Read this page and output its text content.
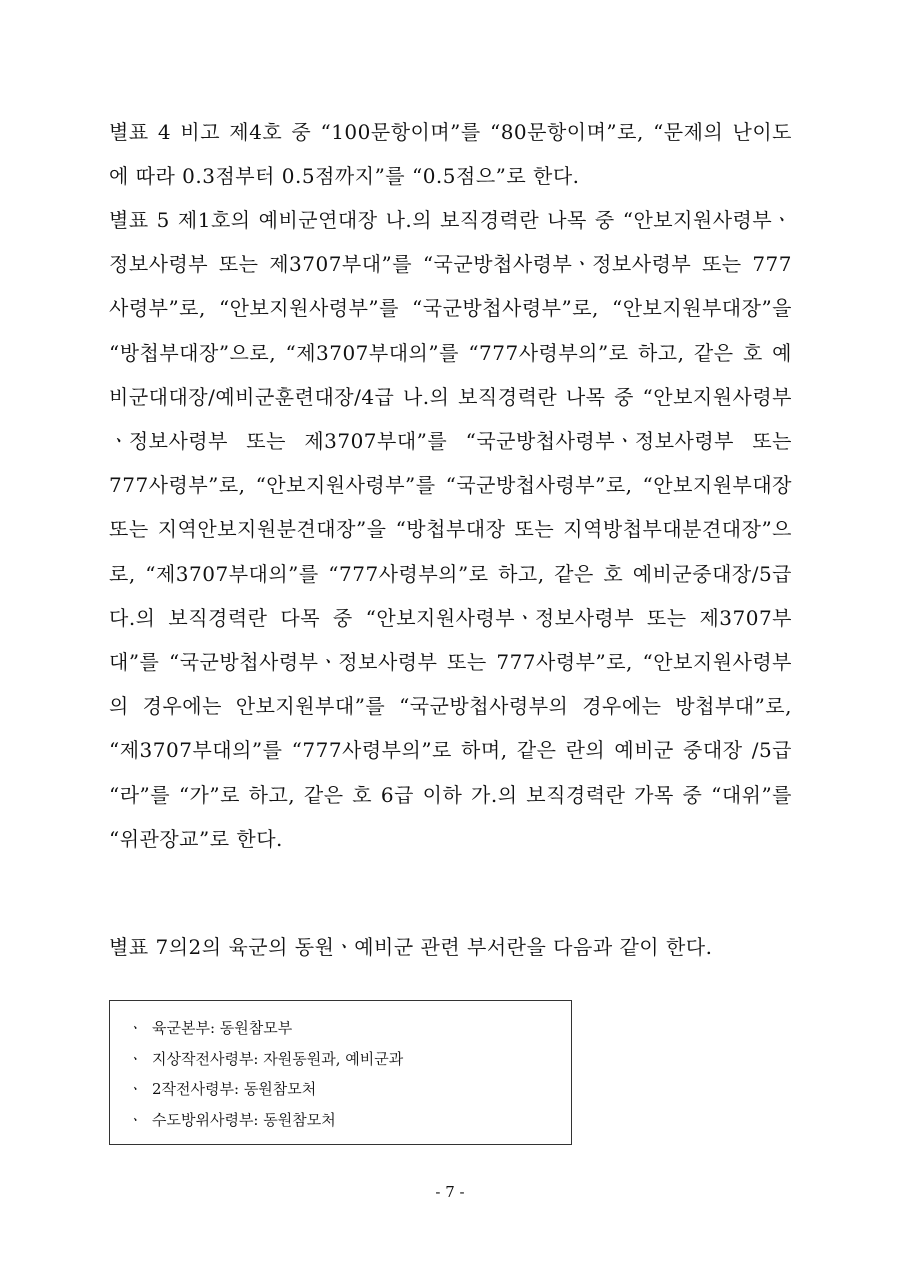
별표 4 비고 제4호 중 “100문항이며”를 “80문항이며”로, “문제의 난이도에 따라 0.3점부터 0.5점까지”를 “0.5점으”로 한다.

별표 5 제1호의 예비군연대장 나.의 보직경력란 나목 중 “안보지원사령부ㆍ정보사령부 또는 제3707부대”를 “국군방첩사령부ㆍ정보사령부 또는 777사령부”로, “안보지원사령부”를 “국군방첩사령부”로, “안보지원부대장”을 “방첩부대장”으로, “제3707부대의”를 “777사령부의”로 하고, 같은 호 예비군대대장/예비군훈련대장/4급 나.의 보직경력란 나목 중 “안보지원사령부ㆍ정보사령부 또는 제3707부대”를 “국군방첩사령부ㆍ정보사령부 또는 777사령부”로, “안보지원사령부”를 “국군방첩사령부”로, “안보지원부대장 또는 지역안보지원분견대장”을 “방첩부대장 또는 지역방첩부대분견대장”으로, “제3707부대의”를 “777사령부의”로 하고, 같은 호 예비군중대장/5급 다.의 보직경력란 다목 중 “안보지원사령부ㆍ정보사령부 또는 제3707부대”를 “국군방첩사령부ㆍ정보사령부 또는 777사령부”로, “안보지원사령부의 경우에는 안보지원부대”를 “국군방첩사령부의 경우에는 방첩부대”로, “제3707부대의”를 “777사령부의”로 하며, 같은 란의 예비군 중대장 /5급 “라”를 “가”로 하고, 같은 호 6급 이하 가.의 보직경력란 가목 중 “대위”를 “위관장교”로 한다.

별표 7의2의 육군의 동원ㆍ예비군 관련 부서란을 다음과 같이 한다.

ㆍ 육군본부: 동원참모부
ㆍ 지상작전사령부: 자원동원과, 예비군과
ㆍ 2작전사령부: 동원참모처
ㆍ 수도방위사령부: 동원참모처
- 7 -
